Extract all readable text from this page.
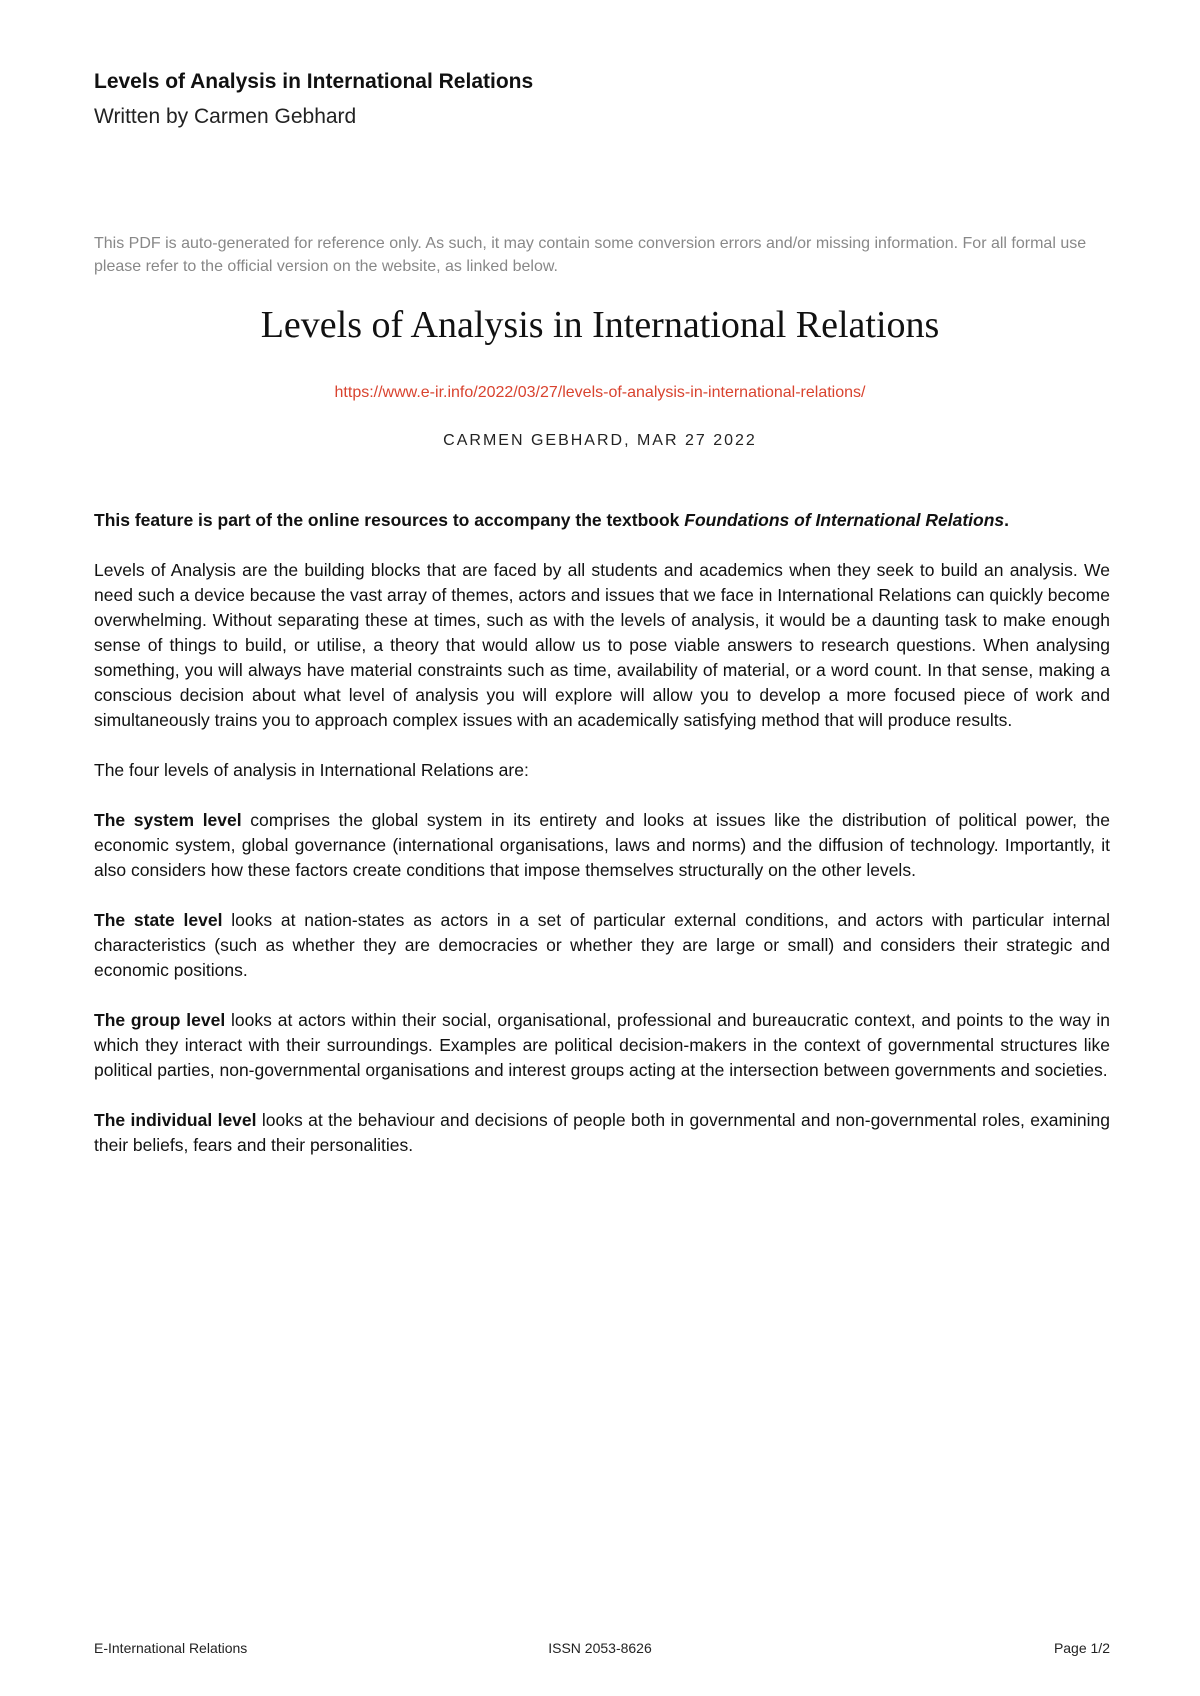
Levels of Analysis in International Relations
Written by Carmen Gebhard
This PDF is auto-generated for reference only. As such, it may contain some conversion errors and/or missing information. For all formal use please refer to the official version on the website, as linked below.
Levels of Analysis in International Relations
https://www.e-ir.info/2022/03/27/levels-of-analysis-in-international-relations/
CARMEN GEBHARD, MAR 27 2022

This feature is part of the online resources to accompany the textbook Foundations of International Relations.

Levels of Analysis are the building blocks that are faced by all students and academics when they seek to build an analysis. We need such a device because the vast array of themes, actors and issues that we face in International Relations can quickly become overwhelming. Without separating these at times, such as with the levels of analysis, it would be a daunting task to make enough sense of things to build, or utilise, a theory that would allow us to pose viable answers to research questions. When analysing something, you will always have material constraints such as time, availability of material, or a word count. In that sense, making a conscious decision about what level of analysis you will explore will allow you to develop a more focused piece of work and simultaneously trains you to approach complex issues with an academically satisfying method that will produce results.

The four levels of analysis in International Relations are:

The system level comprises the global system in its entirety and looks at issues like the distribution of political power, the economic system, global governance (international organisations, laws and norms) and the diffusion of technology. Importantly, it also considers how these factors create conditions that impose themselves structurally on the other levels.

The state level looks at nation-states as actors in a set of particular external conditions, and actors with particular internal characteristics (such as whether they are democracies or whether they are large or small) and considers their strategic and economic positions.

The group level looks at actors within their social, organisational, professional and bureaucratic context, and points to the way in which they interact with their surroundings. Examples are political decision-makers in the context of governmental structures like political parties, non-governmental organisations and interest groups acting at the intersection between governments and societies.

The individual level looks at the behaviour and decisions of people both in governmental and non-governmental roles, examining their beliefs, fears and their personalities.

E-International Relations	ISSN 2053-8626	Page 1/2
